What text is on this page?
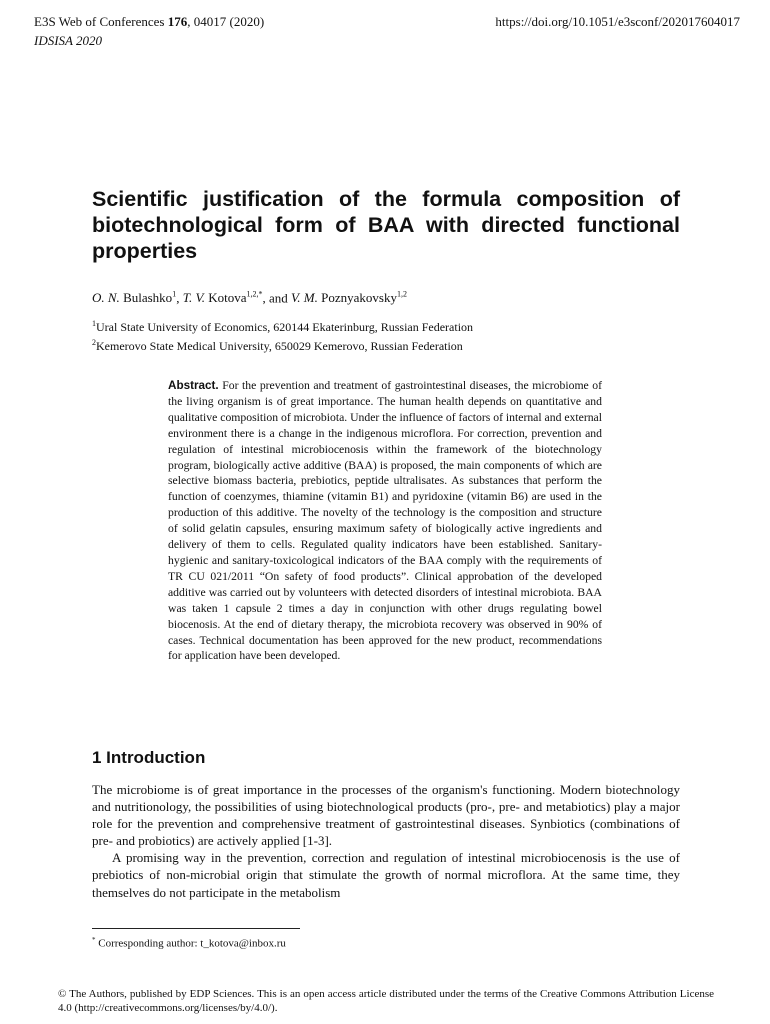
E3S Web of Conferences 176, 04017 (2020)
IDSISA 2020
https://doi.org/10.1051/e3sconf/202017604017
Scientific justification of the formula composition of biotechnological form of BAA with directed functional properties
O. N. Bulashko$^1$, T. V. Kotova$^{1,2,*}$, and V. M. Poznyakovsky$^{1,2}$
$^1$Ural State University of Economics, 620144 Ekaterinburg, Russian Federation
$^2$Kemerovo State Medical University, 650029 Kemerovo, Russian Federation
Abstract. For the prevention and treatment of gastrointestinal diseases, the microbiome of the living organism is of great importance. The human health depends on quantitative and qualitative composition of microbiota. Under the influence of factors of internal and external environment there is a change in the indigenous microflora. For correction, prevention and regulation of intestinal microbiocenosis within the framework of the biotechnology program, biologically active additive (BAA) is proposed, the main components of which are selective biomass bacteria, prebiotics, peptide ultralisates. As substances that perform the function of coenzymes, thiamine (vitamin B1) and pyridoxine (vitamin B6) are used in the production of this additive. The novelty of the technology is the composition and structure of solid gelatin capsules, ensuring maximum safety of biologically active ingredients and delivery of them to cells. Regulated quality indicators have been established. Sanitary-hygienic and sanitary-toxicological indicators of the BAA comply with the requirements of TR CU 021/2011 “On safety of food products”. Clinical approbation of the developed additive was carried out by volunteers with detected disorders of intestinal microbiota. BAA was taken 1 capsule 2 times a day in conjunction with other drugs regulating bowel biocenosis. At the end of dietary therapy, the microbiota recovery was observed in 90% of cases. Technical documentation has been approved for the new product, recommendations for application have been developed.
1 Introduction

The microbiome is of great importance in the processes of the organism's functioning. Modern biotechnology and nutritionology, the possibilities of using biotechnological products (pro-, pre- and metabiotics) play a major role for the prevention and comprehensive treatment of gastrointestinal diseases. Synbiotics (combinations of pre- and probiotics) are actively applied [1-3].

A promising way in the prevention, correction and regulation of intestinal microbiocenosis is the use of prebiotics of non-microbial origin that stimulate the growth of normal microflora. At the same time, they themselves do not participate in the metabolism

* Corresponding author: t_kotova@inbox.ru
© The Authors, published by EDP Sciences. This is an open access article distributed under the terms of the Creative Commons Attribution License 4.0 (http://creativecommons.org/licenses/by/4.0/).
